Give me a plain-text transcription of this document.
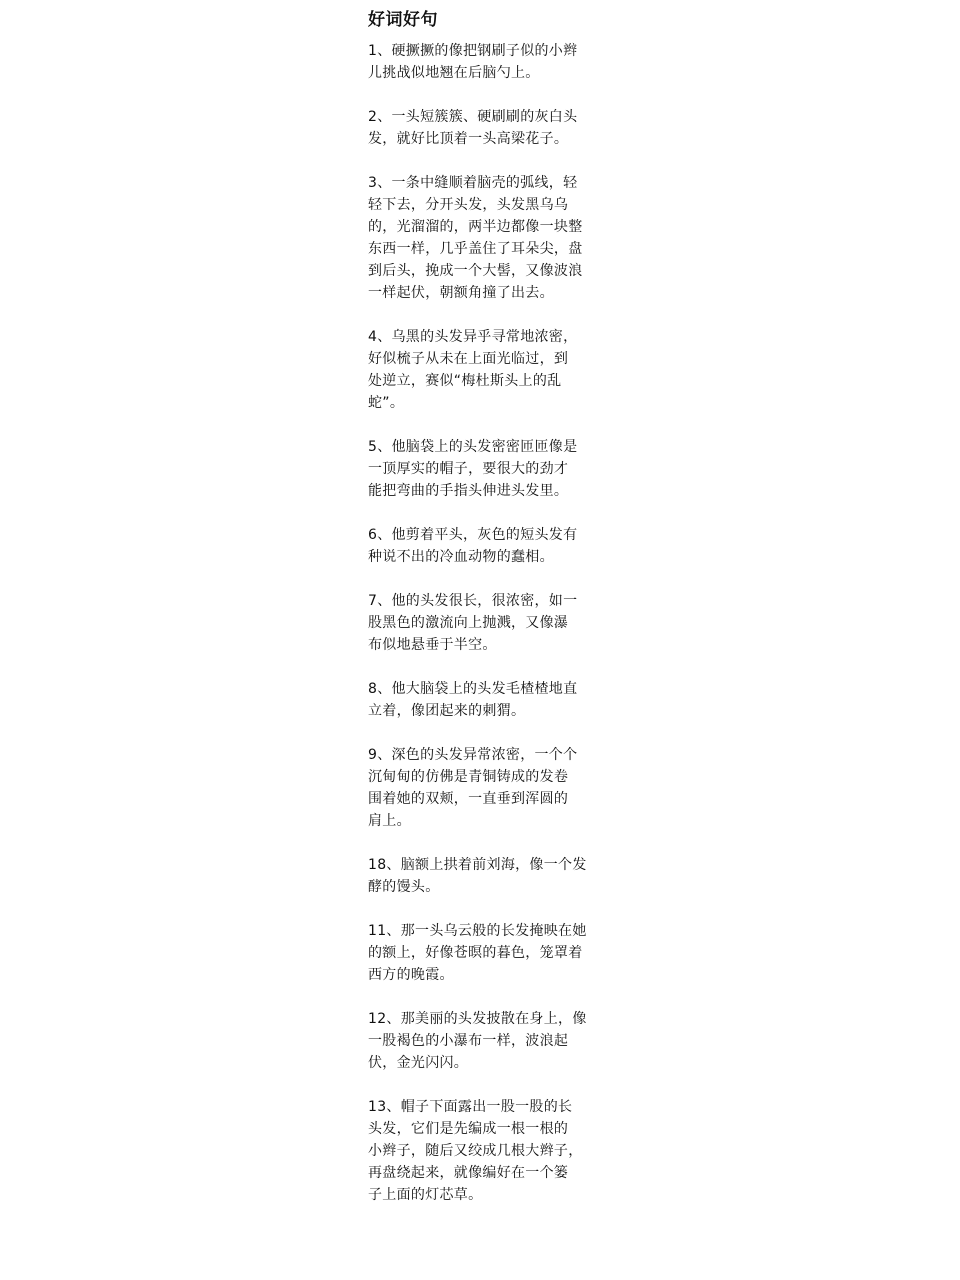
好词好句
1、硬撅撅的像把钢刷子似的小辫
儿挑战似地翘在后脑勺上。
2、一头短簇簇、硬刷刷的灰白头
发，就好比顶着一头高梁花子。
3、一条中缝顺着脑壳的弧线，轻
轻下去，分开头发，头发黑乌乌
的，光溜溜的，两半边都像一块整
东西一样，几乎盖住了耳朵尖，盘
到后头，挽成一个大髻，又像波浪
一样起伏，朝额角撞了出去。
4、乌黑的头发异乎寻常地浓密，
好似梳子从未在上面光临过，到
处逆立，赛似“梅杜斯头上的乱
蛇”。
5、他脑袋上的头发密密匝匝像是
一顶厚实的帽子，要很大的劲才
能把弯曲的手指头伸进头发里。
6、他剪着平头，灰色的短头发有
种说不出的冷血动物的蠢相。
7、他的头发很长，很浓密，如一
股黑色的激流向上抛溅，又像瀑
布似地悬垂于半空。
8、他大脑袋上的头发毛楂楂地直
立着，像团起来的刺猬。
9、深色的头发异常浓密，一个个
沉甸甸的仿佛是青铜铸成的发卷
围着她的双颊，一直垂到浑圆的
肩上。
18、脑额上拱着前刘海，像一个发
酵的馒头。
11、那一头乌云般的长发掩映在她
的额上，好像苍暝的暮色，笼罩着
西方的晚霞。
12、那美丽的头发披散在身上，像
一股褐色的小瀑布一样，波浪起
伏，金光闪闪。
13、帽子下面露出一股一股的长
头发，它们是先编成一根一根的
小辫子，随后又绞成几根大辫子，
再盘绕起来，就像编好在一个篓
子上面的灯芯草。
